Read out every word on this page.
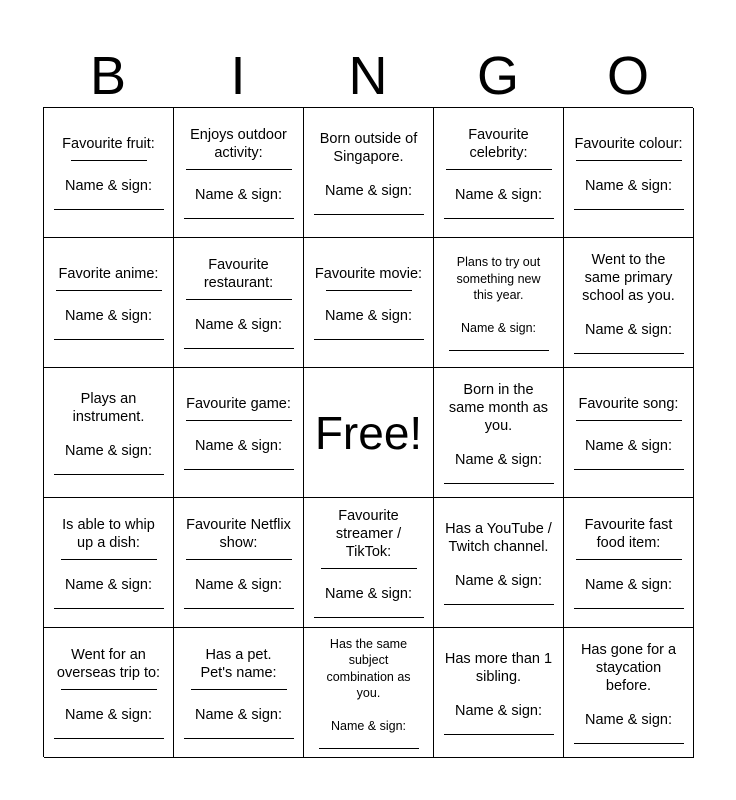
B	I	N	G	O
Favourite fruit:
Name & sign:
Enjoys outdoor
activity:
Name & sign:
Born outside of
Singapore.
Name & sign:
Favourite
celebrity:
Name & sign:
Favourite colour:
Name & sign:
Favorite anime:
Name & sign:
Favourite
restaurant:
Name & sign:
Favourite movie:
Name & sign:
Plans to try out
something new
this year.
Name & sign:
Went to the
same primary
school as you.
Name & sign:
Plays an
instrument.
Name & sign:
Favourite game:
Name & sign: Free!
Born in the
same month as
you.
Name & sign:
Favourite song:
Name & sign:
Is able to whip
up a dish:
Name & sign:
Favourite Netflix
show:
Name & sign:
Favourite
streamer / TikTok:
Name & sign:
Has a YouTube /
Twitch channel.
Name & sign:
Favourite fast
food item:
Name & sign:
Went for an
overseas trip to:
Name & sign:
Has a pet.
Pet's name:
Name & sign:
Has the same
subject
combination as
you.
Name & sign:
Has more than 1
sibling.
Name & sign:
Has gone for a
staycation
before.
Name & sign:
